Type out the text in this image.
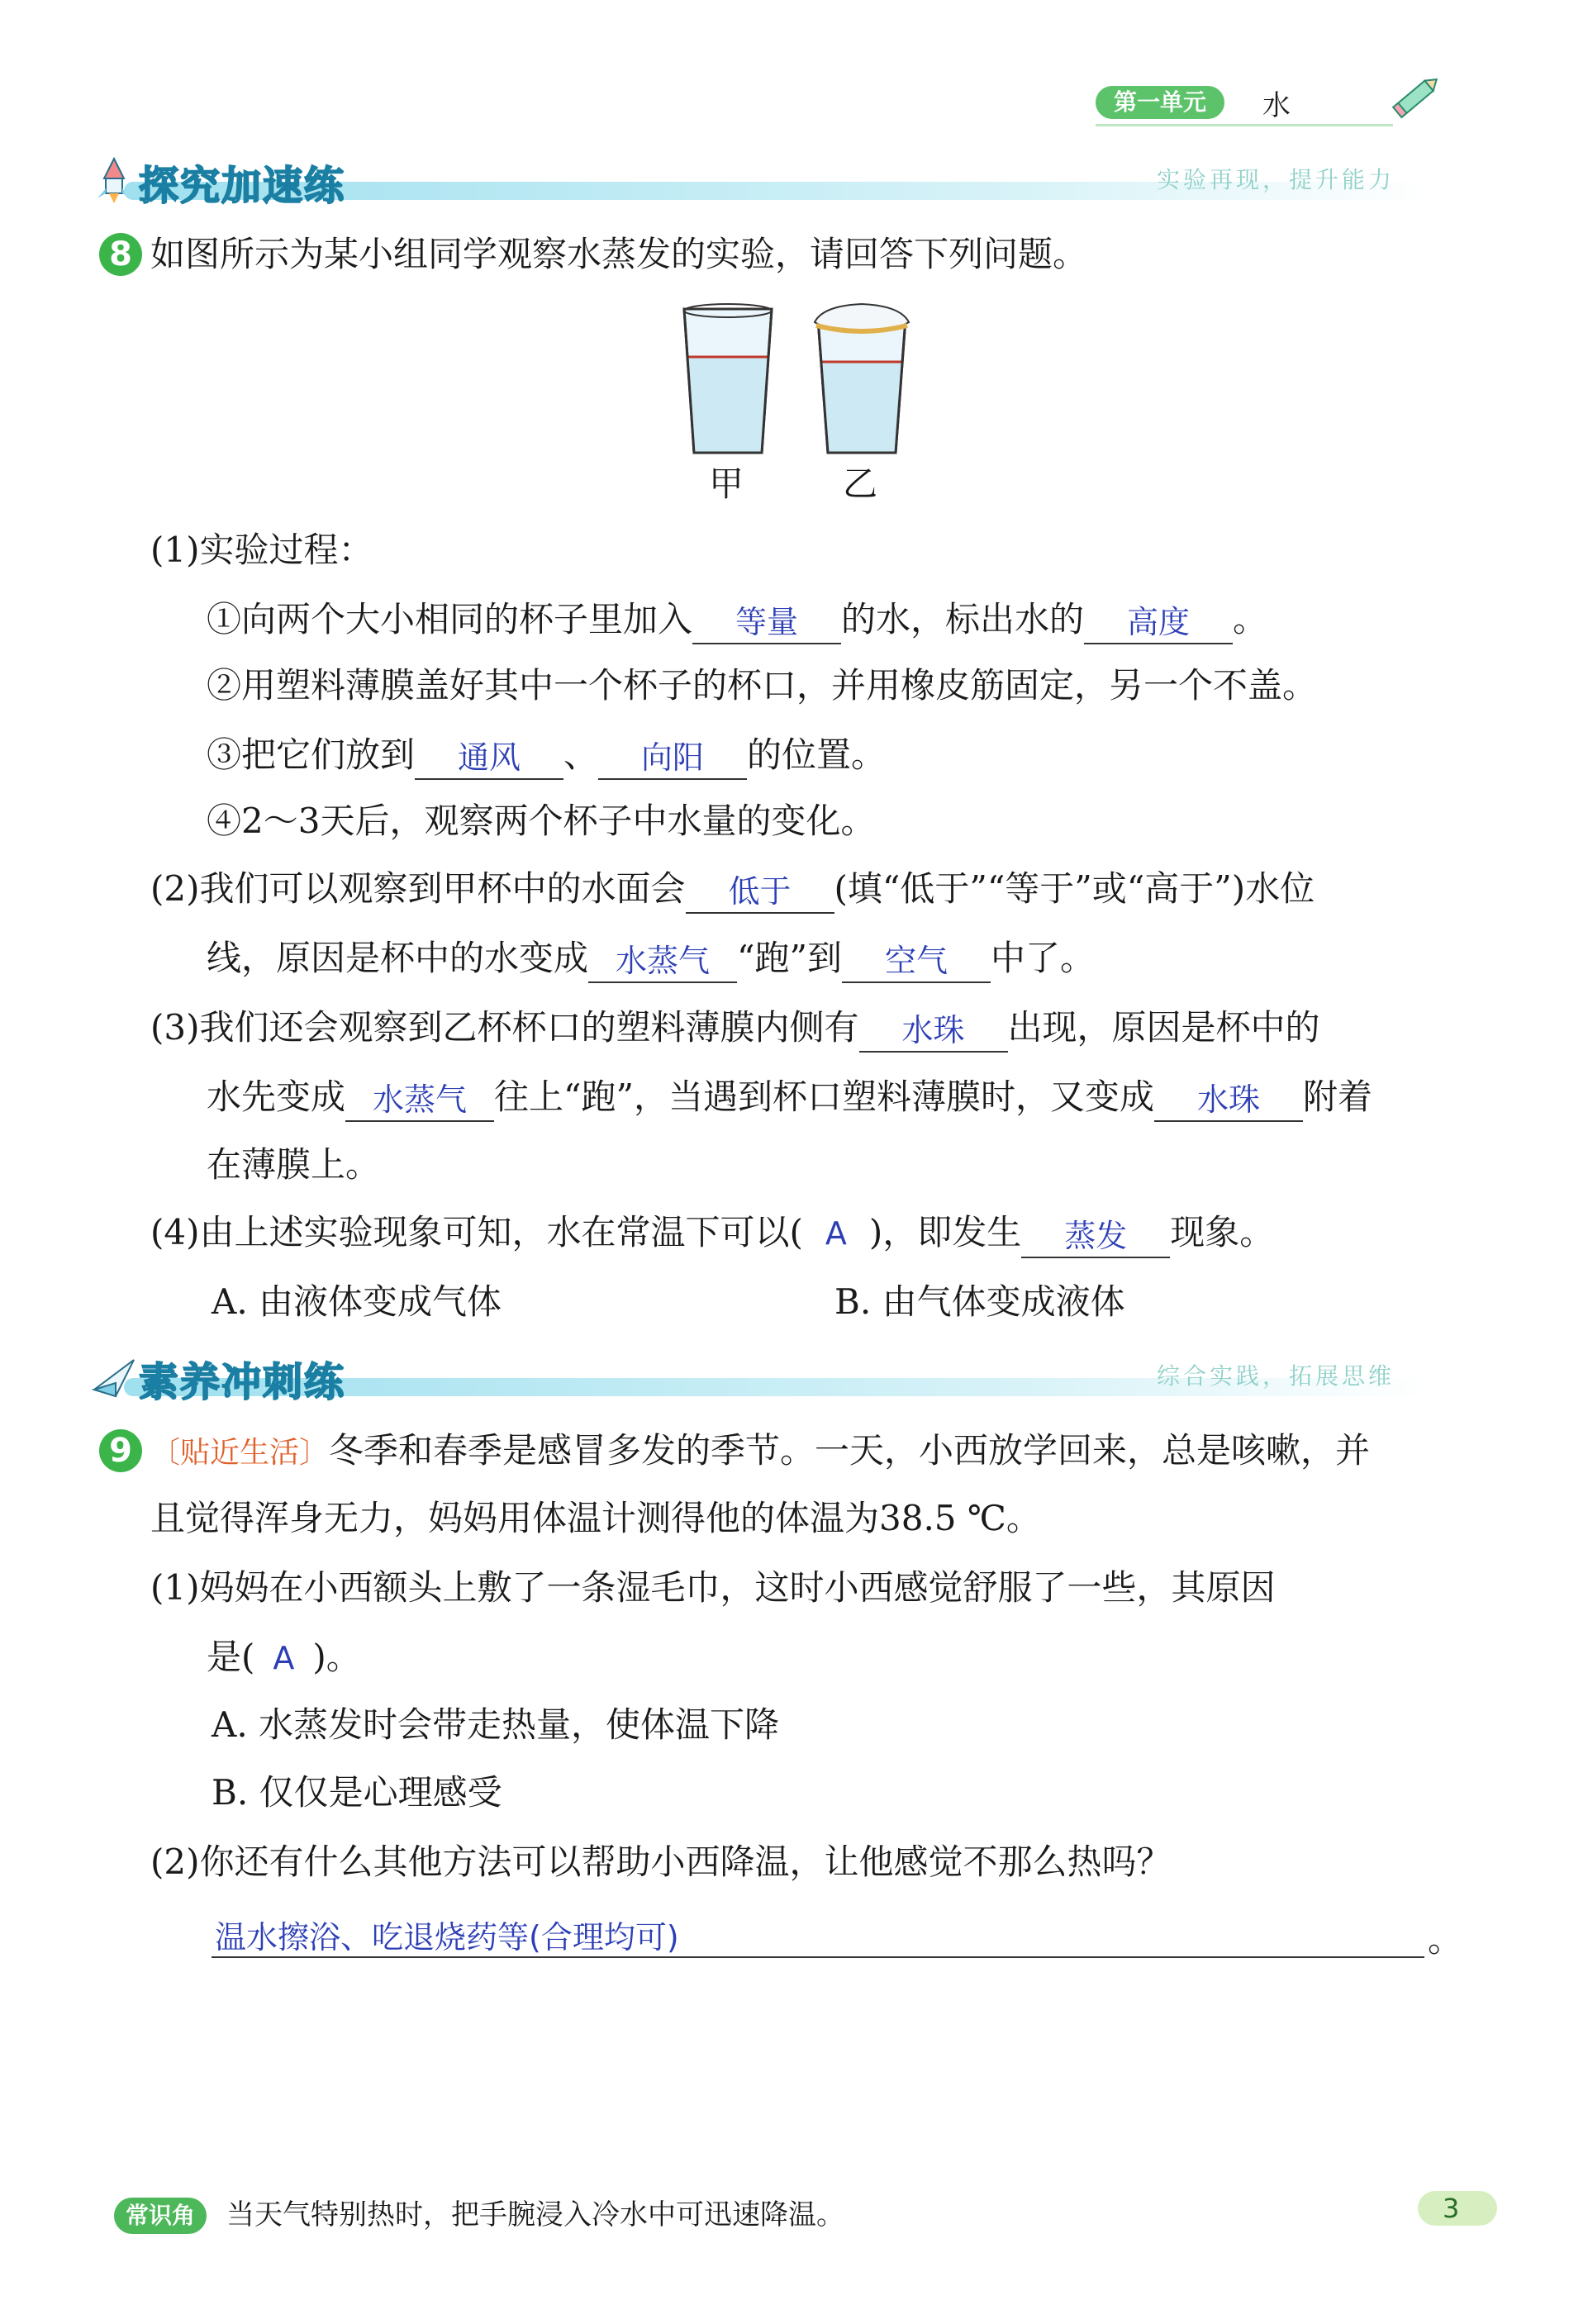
第一单元	水
探究加速练	实验再现，提升能力
8 如图所示为某小组同学观察水蒸发的实验，请回答下列问题。
甲	乙
(1)实验过程：
①向两个大小相同的杯子里加入 等量 的水，标出水的 高度 。
②用塑料薄膜盖好其中一个杯子的杯口，并用橡皮筋固定，另一个不盖。
③把它们放到 通风 、 向阳 的位置。
④2～3天后，观察两个杯子中水量的变化。
(2)我们可以观察到甲杯中的水面会 低于 (填“低于”“等于”或“高于”)水位
线，原因是杯中的水变成 水蒸气 “跑”到 空气 中了。
(3)我们还会观察到乙杯杯口的塑料薄膜内侧有 水珠 出现，原因是杯中的
水先变成 水蒸气 往上“跑”，当遇到杯口塑料薄膜时，又变成 水珠 附着
在薄膜上。
(4)由上述实验现象可知，水在常温下可以( A )，即发生 蒸发 现象。
A. 由液体变成气体	B. 由气体变成液体
素养冲刺练	综合实践，拓展思维
9 〔贴近生活〕冬季和春季是感冒多发的季节。一天，小西放学回来，总是咳嗽，并
且觉得浑身无力，妈妈用体温计测得他的体温为38.5 ℃。
(1)妈妈在小西额头上敷了一条湿毛巾，这时小西感觉舒服了一些，其原因
是( A )。
A. 水蒸发时会带走热量，使体温下降
B. 仅仅是心理感受
(2)你还有什么其他方法可以帮助小西降温，让他感觉不那么热吗？
温水擦浴、吃退烧药等(合理均可)	。
常识角	当天气特别热时，把手腕浸入冷水中可迅速降温。	3
